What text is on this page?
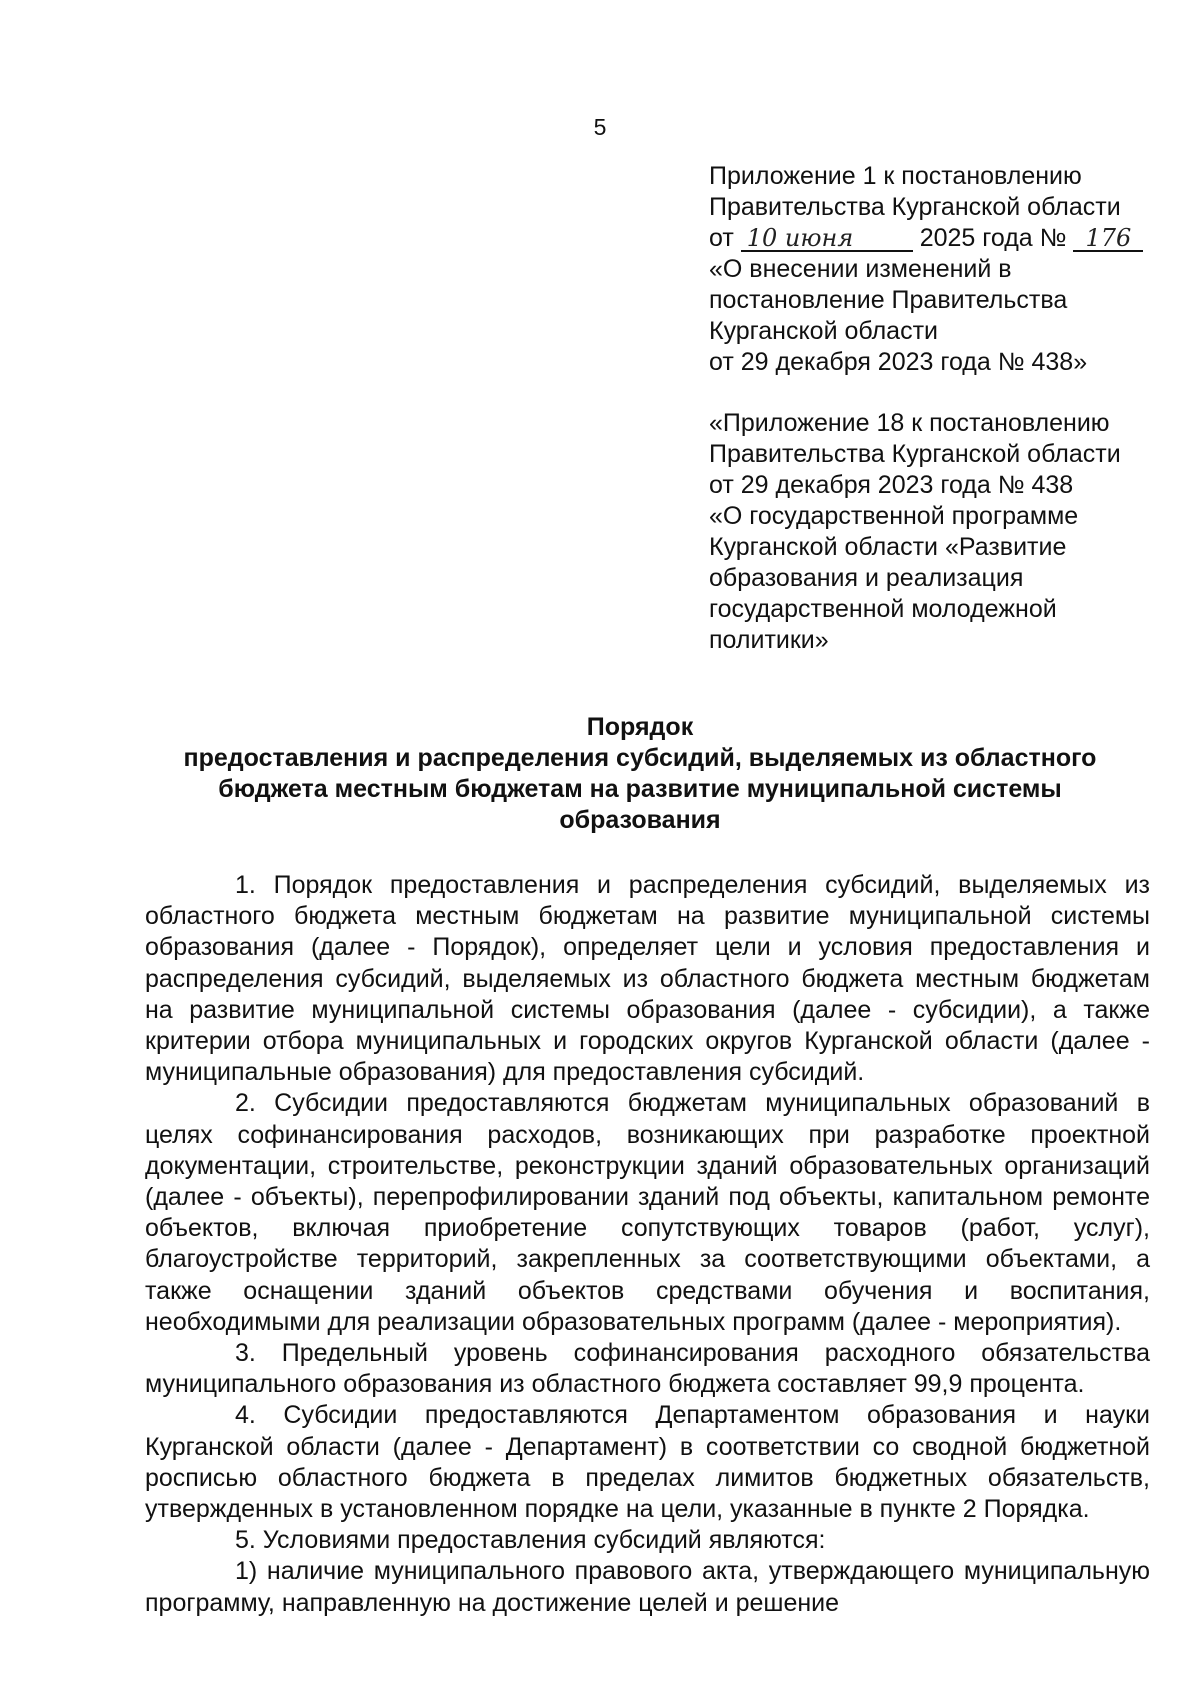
5
Приложение 1 к постановлению
Правительства Курганской области
от 10 июня	2025 года № 176
«О внесении изменений в
постановление Правительства
Курганской области
от 29 декабря 2023 года № 438»
«Приложение 18 к постановлению
Правительства Курганской области
от 29 декабря 2023 года № 438
«О государственной программе
Курганской области «Развитие
образования и реализация
государственной молодежной
политики»
Порядок
предоставления и распределения субсидий, выделяемых из областного
бюджета местным бюджетам на развитие муниципальной системы
образования

1. Порядок предоставления и распределения субсидий, выделяемых из областного бюджета местным бюджетам на развитие муниципальной системы образования (далее - Порядок), определяет цели и условия предоставления и распределения субсидий, выделяемых из областного бюджета местным бюджетам на развитие муниципальной системы образования (далее - субсидии), а также критерии отбора муниципальных и городских округов Курганской области (далее - муниципальные образования) для предоставления субсидий.

2. Субсидии предоставляются бюджетам муниципальных образований в целях софинансирования расходов, возникающих при разработке проектной документации, строительстве, реконструкции зданий образовательных организаций (далее - объекты), перепрофилировании зданий под объекты, капитальном ремонте объектов, включая приобретение сопутствующих товаров (работ, услуг), благоустройстве территорий, закрепленных за соответствующими объектами, а также оснащении зданий объектов средствами обучения и воспитания, необходимыми для реализации образовательных программ (далее - мероприятия).

3. Предельный уровень софинансирования расходного обязательства муниципального образования из областного бюджета составляет 99,9 процента.

4. Субсидии предоставляются Департаментом образования и науки Курганской области (далее - Департамент) в соответствии со сводной бюджетной росписью областного бюджета в пределах лимитов бюджетных обязательств, утвержденных в установленном порядке на цели, указанные в пункте 2 Порядка.

5. Условиями предоставления субсидий являются:

1) наличие муниципального правового акта, утверждающего муниципальную программу, направленную на достижение целей и решение
